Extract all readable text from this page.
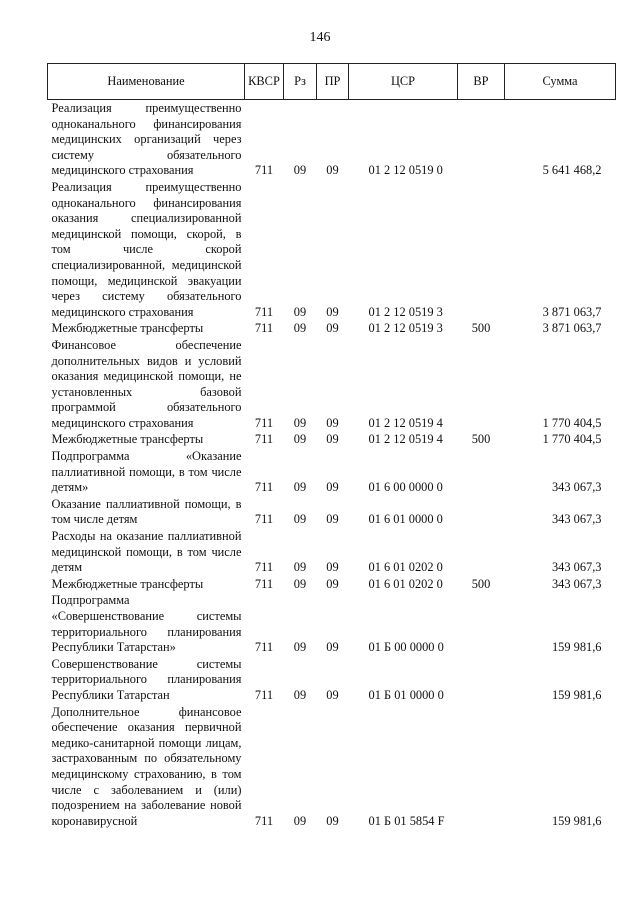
146
Наименование	КВСР	Рз	ПР	ЦСР	ВР	Сумма
Реализация преимущественно одноканального финансирования медицинских организаций через систему обязательного медицинского страхования	711	09	09	01 2 12 0519 0		5 641 468,2
Реализация преимущественно одноканального финансирования оказания специализированной медицинской помощи, скорой, в том числе скорой специализированной, медицинской помощи, медицинской эвакуации через систему обязательного медицинского страхования	711	09	09	01 2 12 0519 3		3 871 063,7
Межбюджетные трансферты	711	09	09	01 2 12 0519 3	500	3 871 063,7
Финансовое обеспечение дополнительных видов и условий оказания медицинской помощи, не установленных базовой программой обязательного медицинского страхования	711	09	09	01 2 12 0519 4		1 770 404,5
Межбюджетные трансферты	711	09	09	01 2 12 0519 4	500	1 770 404,5
Подпрограмма «Оказание паллиативной помощи, в том числе детям»	711	09	09	01 6 00 0000 0		343 067,3
Оказание паллиативной помощи, в том числе детям	711	09	09	01 6 01 0000 0		343 067,3
Расходы на оказание паллиативной медицинской помощи, в том числе детям	711	09	09	01 6 01 0202 0		343 067,3
Межбюджетные трансферты	711	09	09	01 6 01 0202 0	500	343 067,3
Подпрограмма «Совершенствование системы территориального планирования Республики Татарстан»	711	09	09	01 Б 00 0000 0		159 981,6
Совершенствование системы территориального планирования Республики Татарстан	711	09	09	01 Б 01 0000 0		159 981,6
Дополнительное финансовое обеспечение оказания первичной медико-санитарной помощи лицам, застрахованным по обязательному медицинскому страхованию, в том числе с заболеванием и (или) подозрением на заболевание новой коронавирусной	711	09	09	01 Б 01 5854 F		159 981,6
